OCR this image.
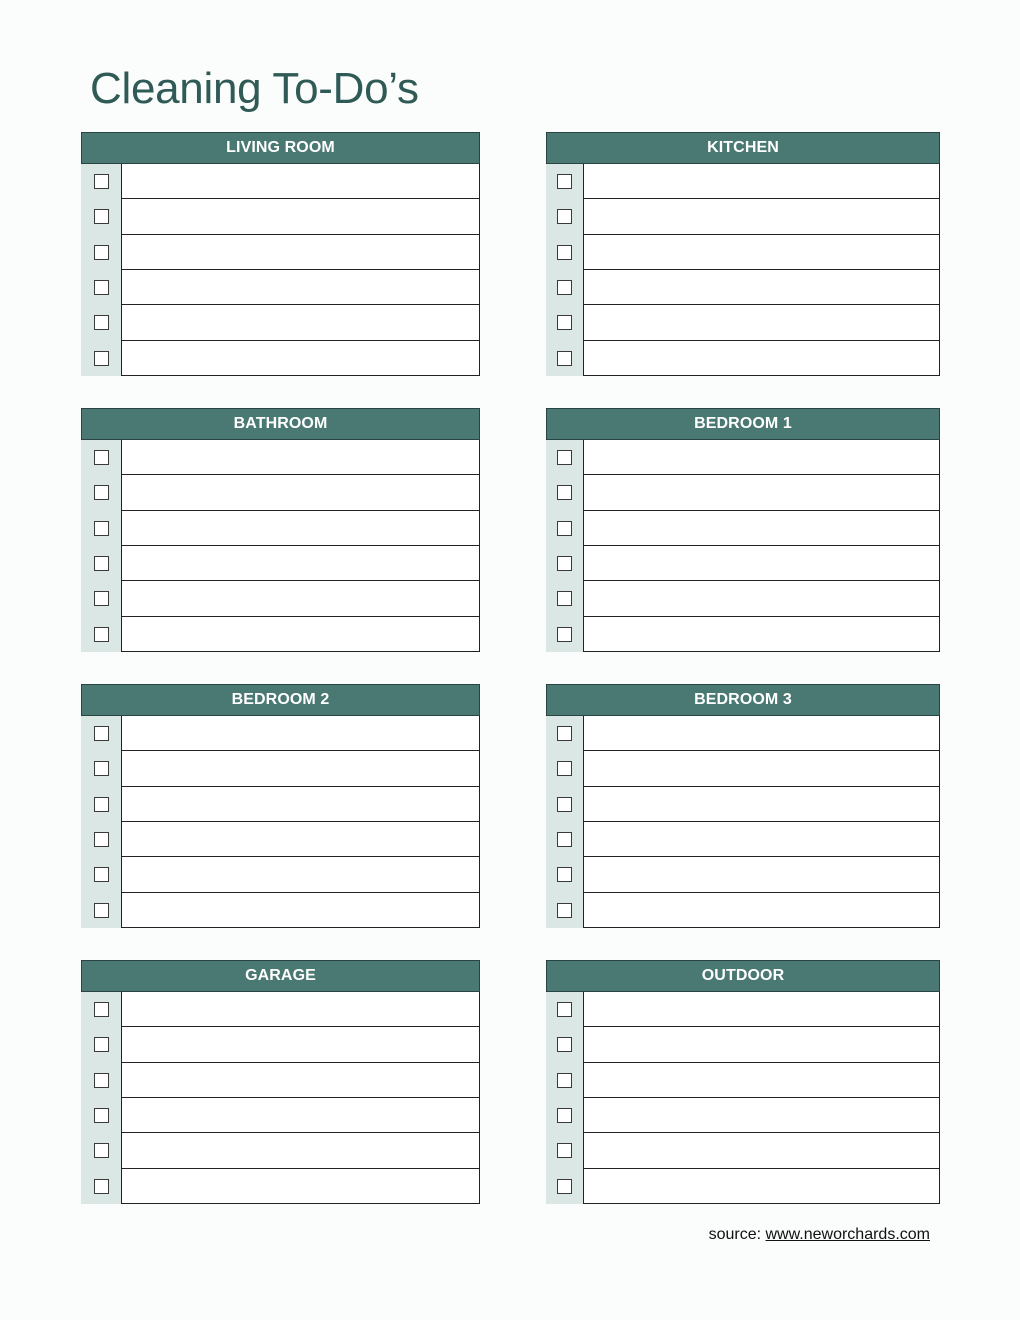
Cleaning To-Do’s
LIVING ROOM	KITCHEN
BATHROOM	BEDROOM 1
BEDROOM 2	BEDROOM 3
GARAGE	OUTDOOR
source: www.neworchards.com
